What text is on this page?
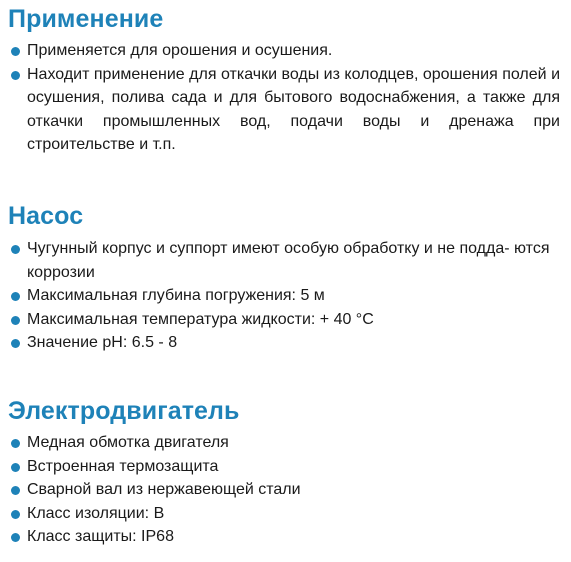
Применение
Применяется для орошения и осушения.
Находит применение для откачки воды из колодцев, орошения полей и осушения, полива сада и для бытового водоснабжения, а также для откачки промышленных вод, подачи воды и дренажа при строительстве и т.п.
Насос
Чугунный корпус и суппорт имеют особую обработку и не подда- ются коррозии
Максимальная глубина погружения: 5 м
Максимальная температура жидкости: + 40 °С
Значение pH: 6.5 - 8
Электродвигатель
Медная обмотка двигателя
Встроенная термозащита
Сварной вал из нержавеющей стали
Класс изоляции: B
Класс защиты: IP68
